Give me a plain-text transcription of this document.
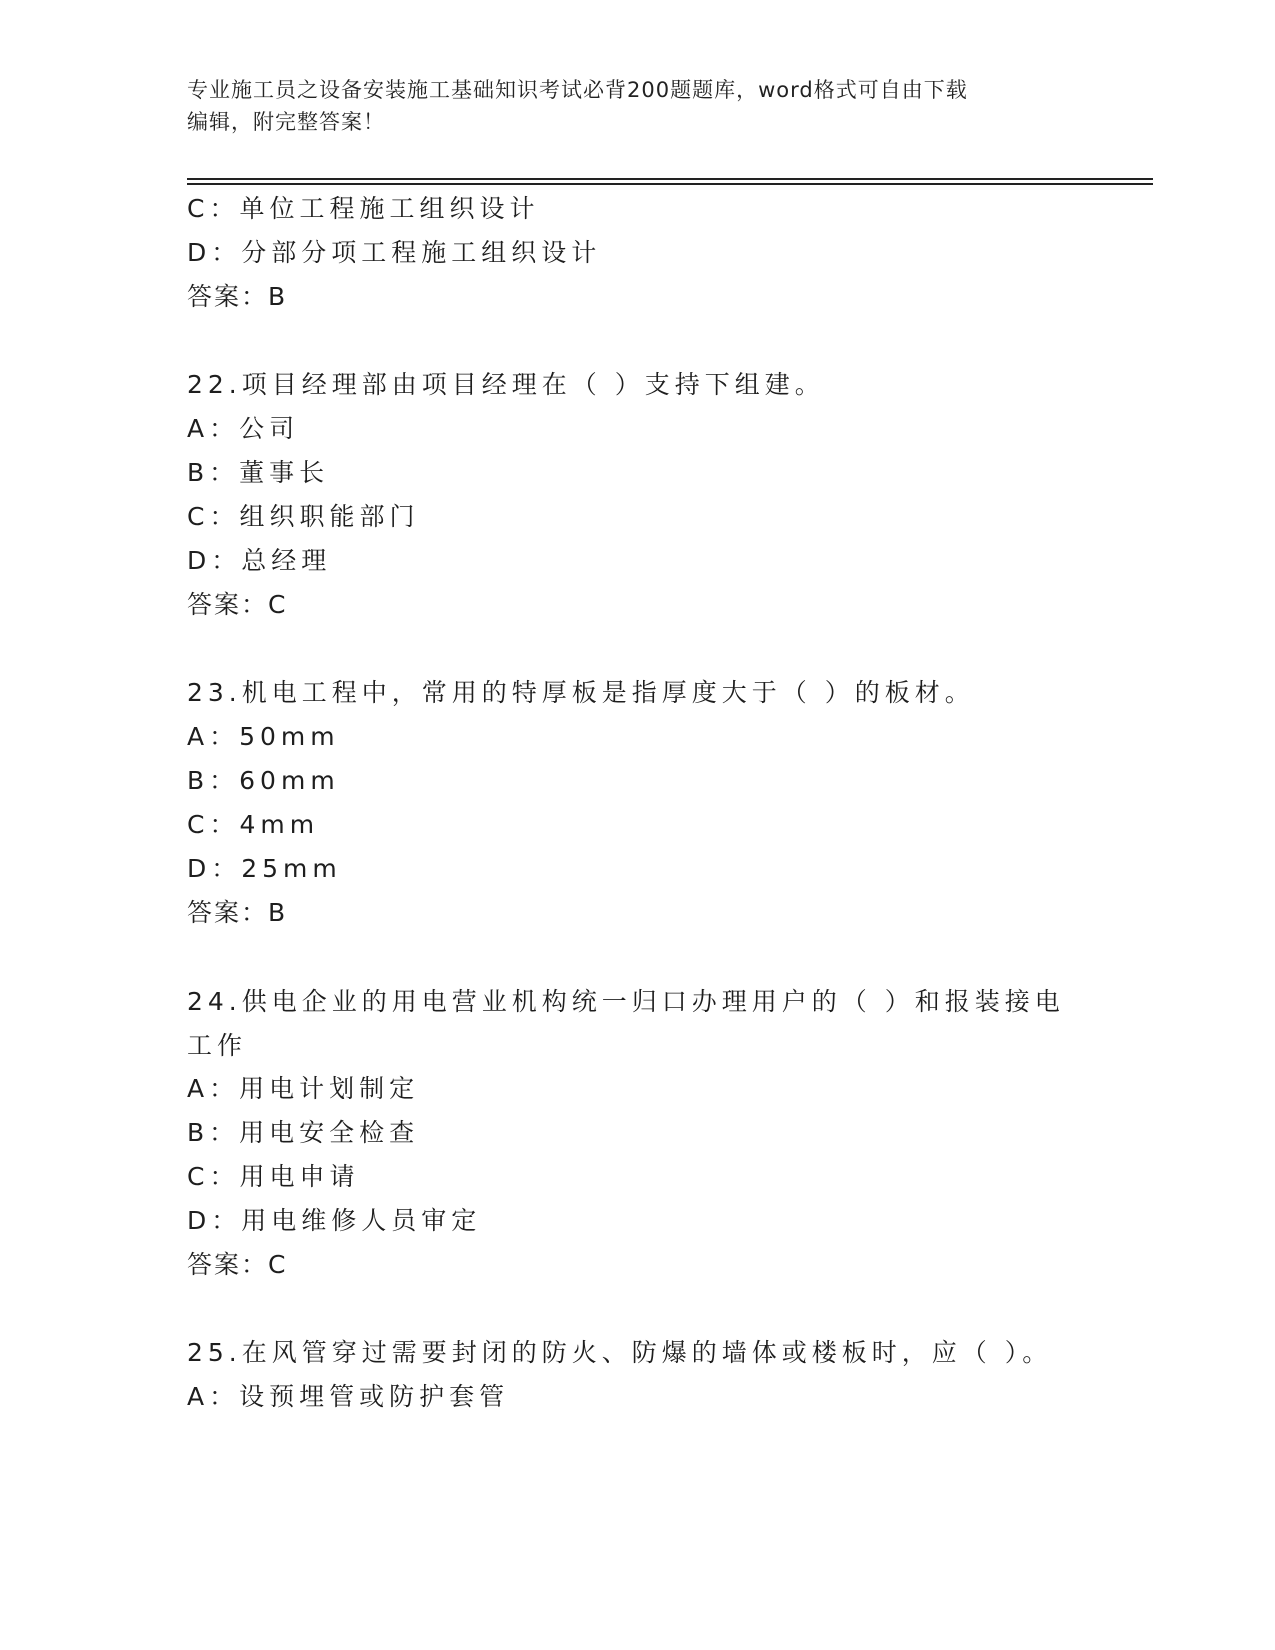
专业施工员之设备安装施工基础知识考试必背200题题库，word格式可自由下载
编辑，附完整答案！
C：单位工程施工组织设计
D：分部分项工程施工组织设计
答案：B
22.项目经理部由项目经理在（ ）支持下组建。
A：公司
B：董事长
C：组织职能部门
D：总经理
答案：C
23.机电工程中，常用的特厚板是指厚度大于（ ）的板材。
A：50mm
B：60mm
C：4mm
D：25mm
答案：B
24.供电企业的用电营业机构统一归口办理用户的（ ）和报装接电工作
A：用电计划制定
B：用电安全检查
C：用电申请
D：用电维修人员审定
答案：C
25.在风管穿过需要封闭的防火、防爆的墙体或楼板时，应（ ）。
A：设预埋管或防护套管
